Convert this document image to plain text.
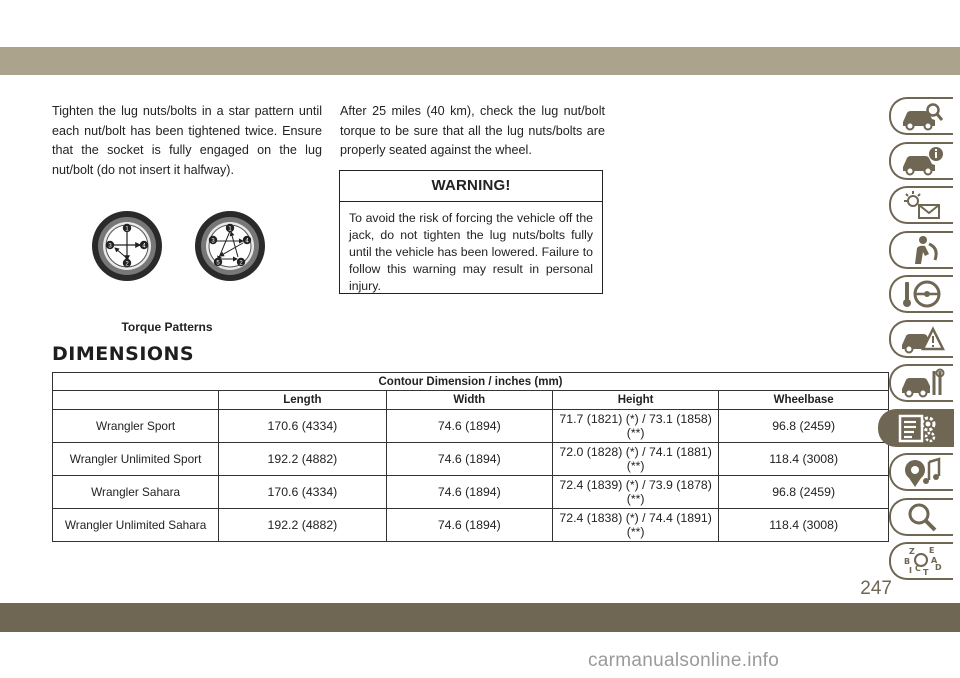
Tighten the lug nuts/bolts in a star pattern until each nut/bolt has been tightened twice. Ensure that the socket is fully engaged on the lug nut/bolt (do not insert it halfway).
After 25 miles (40 km), check the lug nut/bolt torque to be sure that all the lug nuts/bolts are properly seated against the wheel.
WARNING!
To avoid the risk of forcing the vehicle off the jack, do not tighten the lug nuts/bolts fully until the vehicle has been lowered. Failure to follow this warning may result in personal injury.
1
4
3
2
1
3	4
5	2
Torque Patterns
DIMENSIONS
Contour Dimension / inches (mm)				
	Length	Width	Height	Wheelbase
Wrangler Sport	170.6 (4334)	74.6 (1894)	71.7 (1821) (*) / 73.1 (1858) (**)	96.8 (2459)
Wrangler Unlimited Sport	192.2 (4882)	74.6 (1894)	72.0 (1828) (*) / 74.1 (1881) (**)	118.4 (3008)
Wrangler Sahara	170.6 (4334)	74.6 (1894)	72.4 (1839) (*) / 73.9 (1878) (**)	96.8 (2459)
Wrangler Unlimited Sahara	192.2 (4882)	74.6 (1894)	72.4 (1838) (*) / 74.4 (1891) (**)	118.4 (3008)
Z E
B	A
D
I C T
247
carmanualsonline.info
